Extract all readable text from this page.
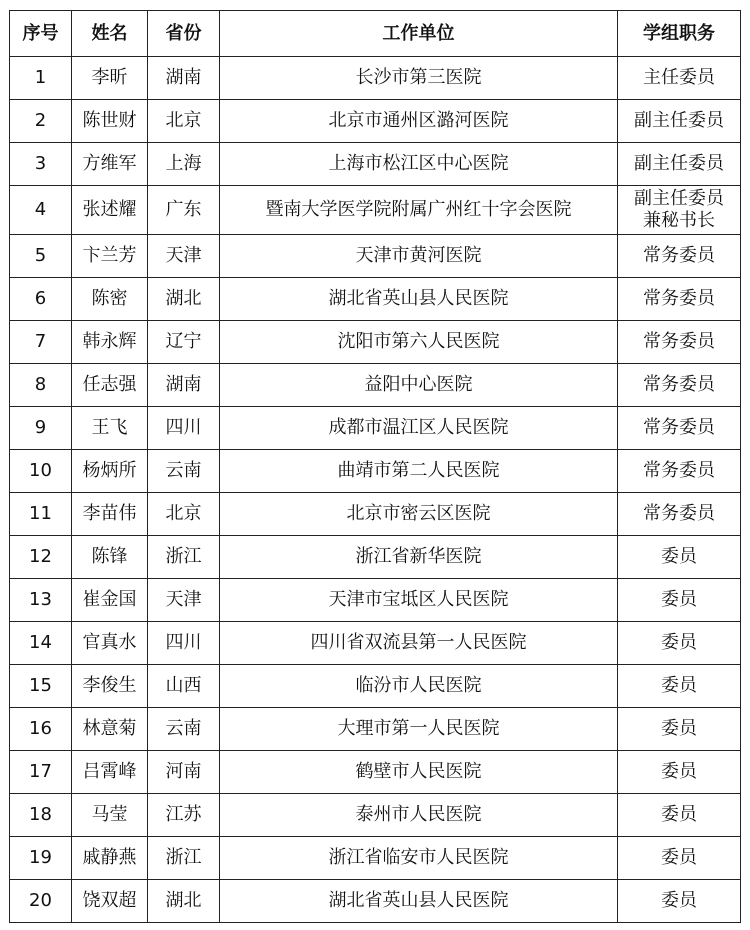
序号	姓名	省份	工作单位	学组职务
1	李昕	湖南	长沙市第三医院	主任委员

2	陈世财	北京	北京市通州区潞河医院	副主任委员

3	方维军	上海	上海市松江区中心医院	副主任委员

4	张述耀	广东	暨南大学医学院附属广州红十字会医院	副主任委员
兼秘书长

5	卞兰芳	天津	天津市黄河医院	常务委员

6	陈密	湖北	湖北省英山县人民医院	常务委员

7	韩永辉	辽宁	沈阳市第六人民医院	常务委员

8	任志强	湖南	益阳中心医院	常务委员

9	王飞	四川	成都市温江区人民医院	常务委员

10	杨炳所	云南	曲靖市第二人民医院	常务委员

11	李苗伟	北京	北京市密云区医院	常务委员

12	陈锋	浙江	浙江省新华医院	委员

13	崔金国	天津	天津市宝坻区人民医院	委员

14	官真水	四川	四川省双流县第一人民医院	委员

15	李俊生	山西	临汾市人民医院	委员

16	林意菊	云南	大理市第一人民医院	委员

17	吕霄峰	河南	鹤壁市人民医院	委员

18	马莹	江苏	泰州市人民医院	委员

19	戚静燕	浙江	浙江省临安市人民医院	委员

20	饶双超	湖北	湖北省英山县人民医院	委员
